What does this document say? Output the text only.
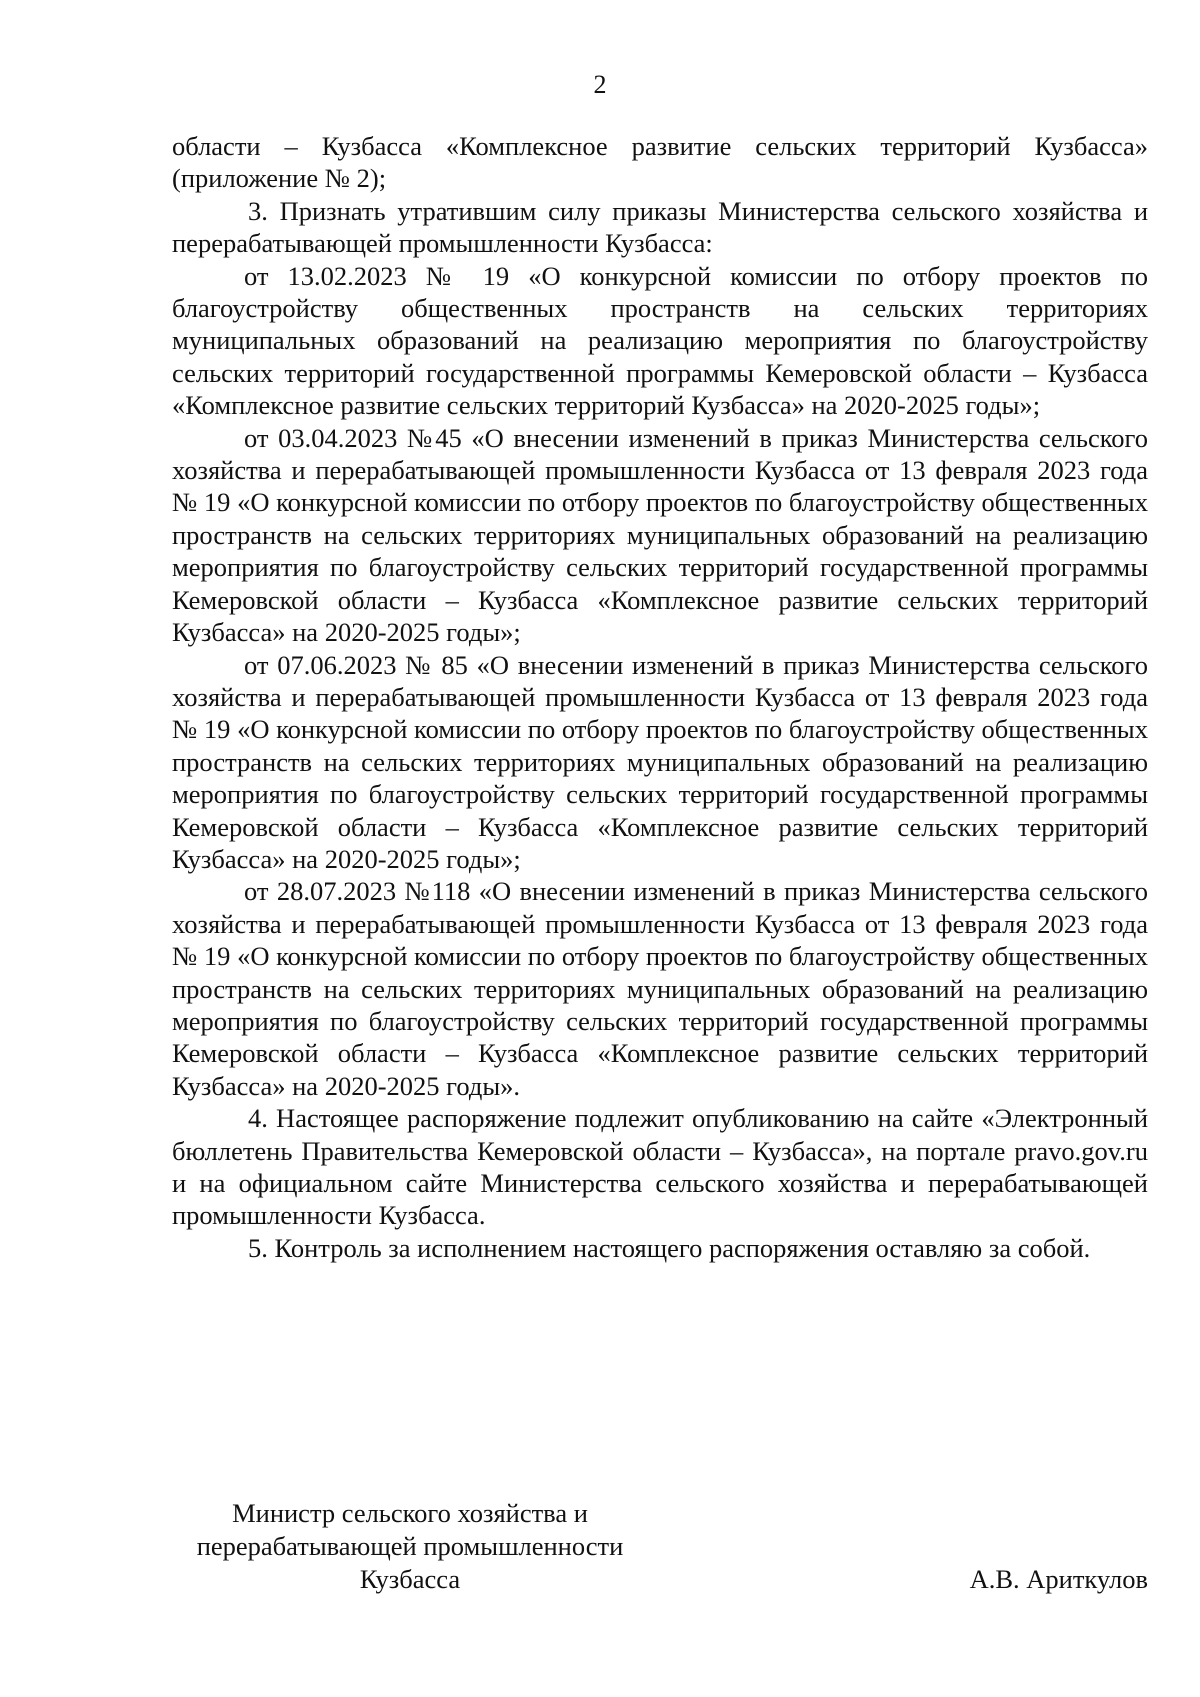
2

области – Кузбасса «Комплексное развитие сельских территорий Кузбасса» (приложение № 2);

3. Признать утратившим силу приказы Министерства сельского хозяйства и перерабатывающей промышленности Кузбасса:

от 13.02.2023 № 19 «О конкурсной комиссии по отбору проектов по благоустройству общественных пространств на сельских территориях муниципальных образований на реализацию мероприятия по благоустройству сельских территорий государственной программы Кемеровской области – Кузбасса «Комплексное развитие сельских территорий Кузбасса» на 2020-2025 годы»;

от 03.04.2023 №45 «О внесении изменений в приказ Министерства сельского хозяйства и перерабатывающей промышленности Кузбасса от 13 февраля 2023 года № 19 «О конкурсной комиссии по отбору проектов по благоустройству общественных пространств на сельских территориях муниципальных образований на реализацию мероприятия по благоустройству сельских территорий государственной программы Кемеровской области – Кузбасса «Комплексное развитие сельских территорий Кузбасса» на 2020-2025 годы»;

от 07.06.2023 № 85 «О внесении изменений в приказ Министерства сельского хозяйства и перерабатывающей промышленности Кузбасса от 13 февраля 2023 года № 19 «О конкурсной комиссии по отбору проектов по благоустройству общественных пространств на сельских территориях муниципальных образований на реализацию мероприятия по благоустройству сельских территорий государственной программы Кемеровской области – Кузбасса «Комплексное развитие сельских территорий Кузбасса» на 2020-2025 годы»;

от 28.07.2023 №118 «О внесении изменений в приказ Министерства сельского хозяйства и перерабатывающей промышленности Кузбасса от 13 февраля 2023 года № 19 «О конкурсной комиссии по отбору проектов по благоустройству общественных пространств на сельских территориях муниципальных образований на реализацию мероприятия по благоустройству сельских территорий государственной программы Кемеровской области – Кузбасса «Комплексное развитие сельских территорий Кузбасса» на 2020-2025 годы».

4. Настоящее распоряжение подлежит опубликованию на сайте «Электронный бюллетень Правительства Кемеровской области – Кузбасса», на портале pravo.gov.ru и на официальном сайте Министерства сельского хозяйства и перерабатывающей промышленности Кузбасса.

5. Контроль за исполнением настоящего распоряжения оставляю за собой.

Министр сельского хозяйства и
перерабатывающей промышленности
Кузбасса	А.В. Ариткулов
